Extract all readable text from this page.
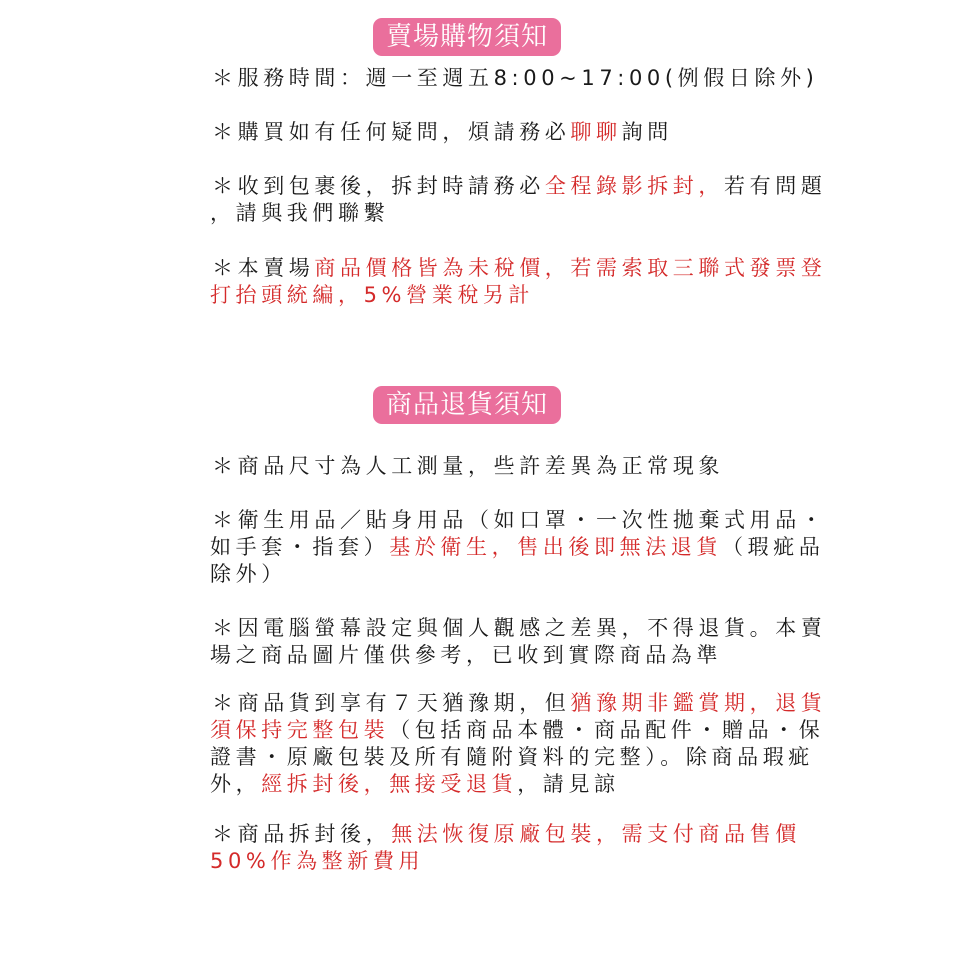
賣場購物須知
＊服務時間：週一至週五8:00~17:00(例假日除外)
＊購買如有任何疑問，煩請務必聊聊詢問
＊收到包裹後，拆封時請務必全程錄影拆封，若有問題
，請與我們聯繫
＊本賣場商品價格皆為未稅價，若需索取三聯式發票登
打抬頭統編，5%營業稅另計
商品退貨須知
＊商品尺寸為人工測量，些許差異為正常現象
＊衛生用品／貼身用品（如口罩・一次性拋棄式用品・
如手套・指套）基於衛生，售出後即無法退貨（瑕疵品
除外）
＊因電腦螢幕設定與個人觀感之差異，不得退貨。本賣
場之商品圖片僅供參考，已收到實際商品為準
＊商品貨到享有７天猶豫期，但猶豫期非鑑賞期，退貨
須保持完整包裝（包括商品本體・商品配件・贈品・保
證書・原廠包裝及所有隨附資料的完整）。除商品瑕疵
外，經拆封後，無接受退貨，請見諒
＊商品拆封後，無法恢復原廠包裝，需支付商品售價
50%作為整新費用
